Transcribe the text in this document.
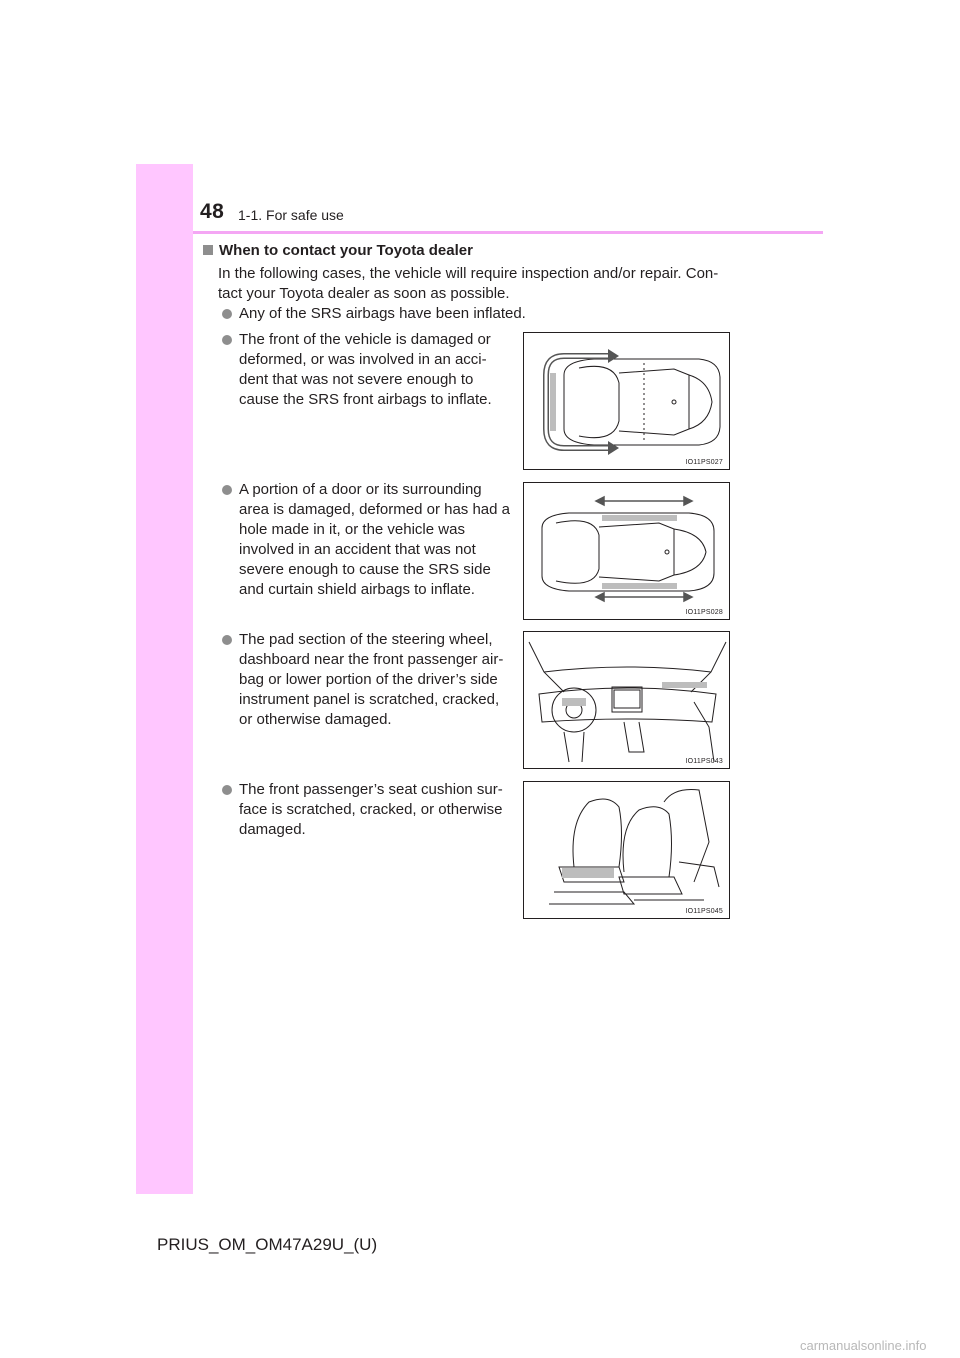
48 1-1. For safe use
When to contact your Toyota dealer
In the following cases, the vehicle will require inspection and/or repair. Con-
tact your Toyota dealer as soon as possible.
Any of the SRS airbags have been inflated.
The front of the vehicle is damaged or
deformed, or was involved in an acci-
dent that was not severe enough to
cause the SRS front airbags to inflate.
A portion of a door or its surrounding
area is damaged, deformed or has had a
hole made in it, or the vehicle was
involved in an accident that was not
severe enough to cause the SRS side
and curtain shield airbags to inflate.
The pad section of the steering wheel,
dashboard near the front passenger air-
bag or lower portion of the driver’s side
instrument panel is scratched, cracked,
or otherwise damaged.
The front passenger’s seat cushion sur-
face is scratched, cracked, or otherwise
damaged.
IO11PS027
IO11PS028
IO11PS043
IO11PS045
PRIUS_OM_OM47A29U_(U)
carmanualsonline.info
